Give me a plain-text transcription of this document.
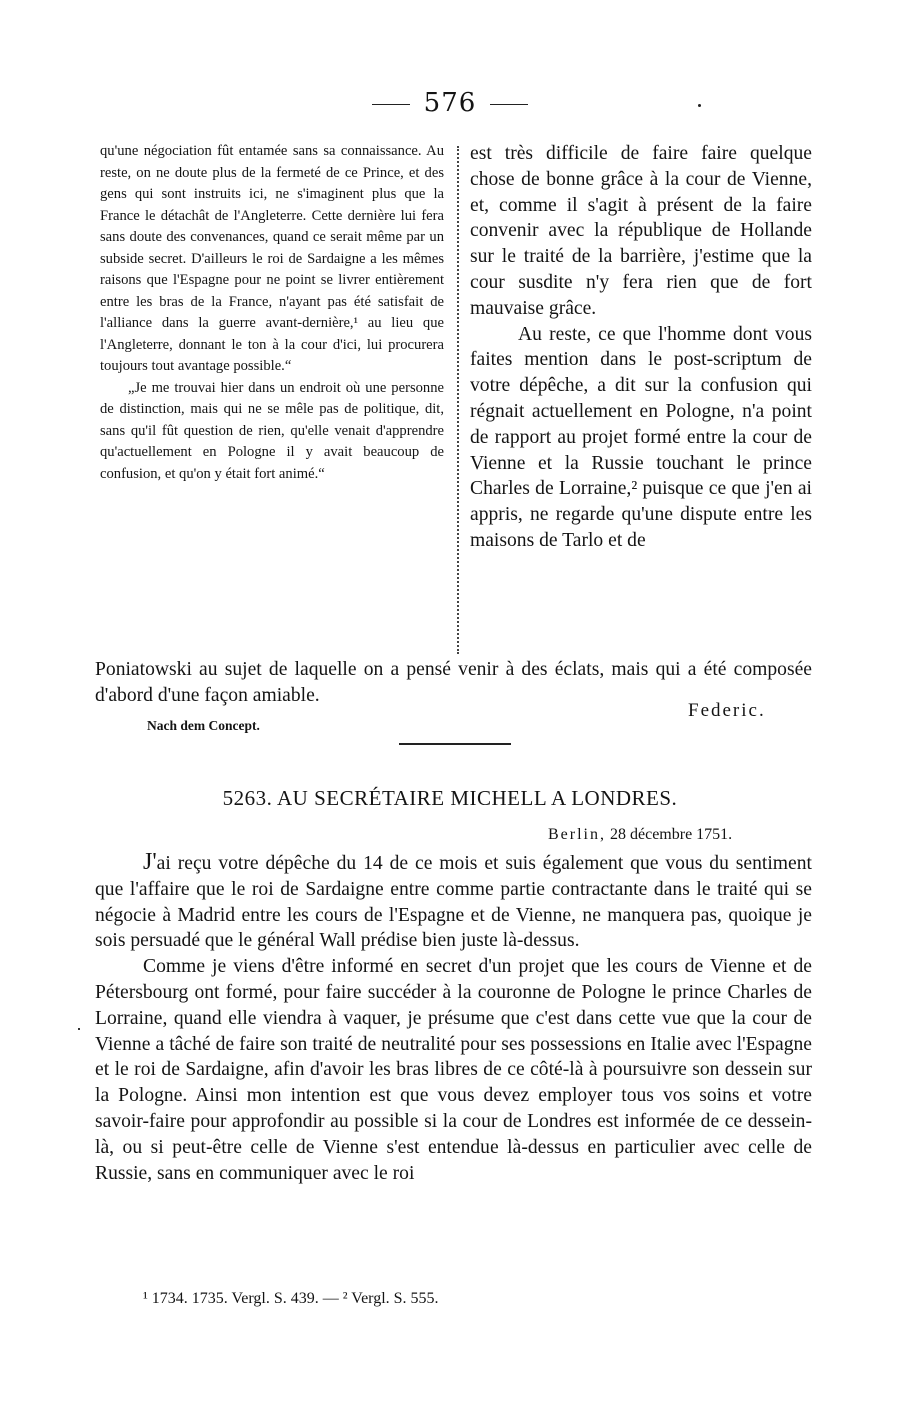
576

qu'une négociation fût entamée sans sa connaissance. Au reste, on ne doute plus de la fermeté de ce Prince, et des gens qui sont instruits ici, ne s'imaginent plus que la France le détachât de l'Angleterre. Cette dernière lui fera sans doute des convenances, quand ce serait même par un subside secret. D'ailleurs le roi de Sardaigne a les mêmes raisons que l'Espagne pour ne point se livrer entièrement entre les bras de la France, n'ayant pas été satisfait de l'alliance dans la guerre avant-dernière,¹ au lieu que l'Angleterre, donnant le ton à la cour d'ici, lui procurera toujours tout avantage possible.“

„Je me trouvai hier dans un endroit où une personne de distinction, mais qui ne se mêle pas de politique, dit, sans qu'il fût question de rien, qu'elle venait d'apprendre qu'actuellement en Pologne il y avait beaucoup de confusion, et qu'on y était fort animé.“

est très difficile de faire faire quelque chose de bonne grâce à la cour de Vienne, et, comme il s'agit à présent de la faire convenir avec la république de Hollande sur le traité de la barrière, j'estime que la cour susdite n'y fera rien que de fort mauvaise grâce.

Au reste, ce que l'homme dont vous faites mention dans le post-scriptum de votre dépêche, a dit sur la confusion qui régnait actuellement en Pologne, n'a point de rapport au projet formé entre la cour de Vienne et la Russie touchant le prince Charles de Lorraine,² puisque ce que j'en ai appris, ne regarde qu'une dispute entre les maisons de Tarlo et de

Poniatowski au sujet de laquelle on a pensé venir à des éclats, mais qui a été composée d'abord d'une façon amiable.
Federic.
Nach dem Concept.
5263. AU SECRÉTAIRE MICHELL A LONDRES.
Berlin, 28 décembre 1751.

J'ai reçu votre dépêche du 14 de ce mois et suis également que vous du sentiment que l'affaire que le roi de Sardaigne entre comme partie contractante dans le traité qui se négocie à Madrid entre les cours de l'Espagne et de Vienne, ne manquera pas, quoique je sois persuadé que le général Wall prédise bien juste là-dessus.

Comme je viens d'être informé en secret d'un projet que les cours de Vienne et de Pétersbourg ont formé, pour faire succéder à la couronne de Pologne le prince Charles de Lorraine, quand elle viendra à vaquer, je présume que c'est dans cette vue que la cour de Vienne a tâché de faire son traité de neutralité pour ses possessions en Italie avec l'Espagne et le roi de Sardaigne, afin d'avoir les bras libres de ce côté-là à poursuivre son dessein sur la Pologne. Ainsi mon intention est que vous devez employer tous vos soins et votre savoir-faire pour approfondir au possible si la cour de Londres est informée de ce dessein-là, ou si peut-être celle de Vienne s'est entendue là-dessus en particulier avec celle de Russie, sans en communiquer avec le roi

¹ 1734. 1735. Vergl. S. 439. — ² Vergl. S. 555.
